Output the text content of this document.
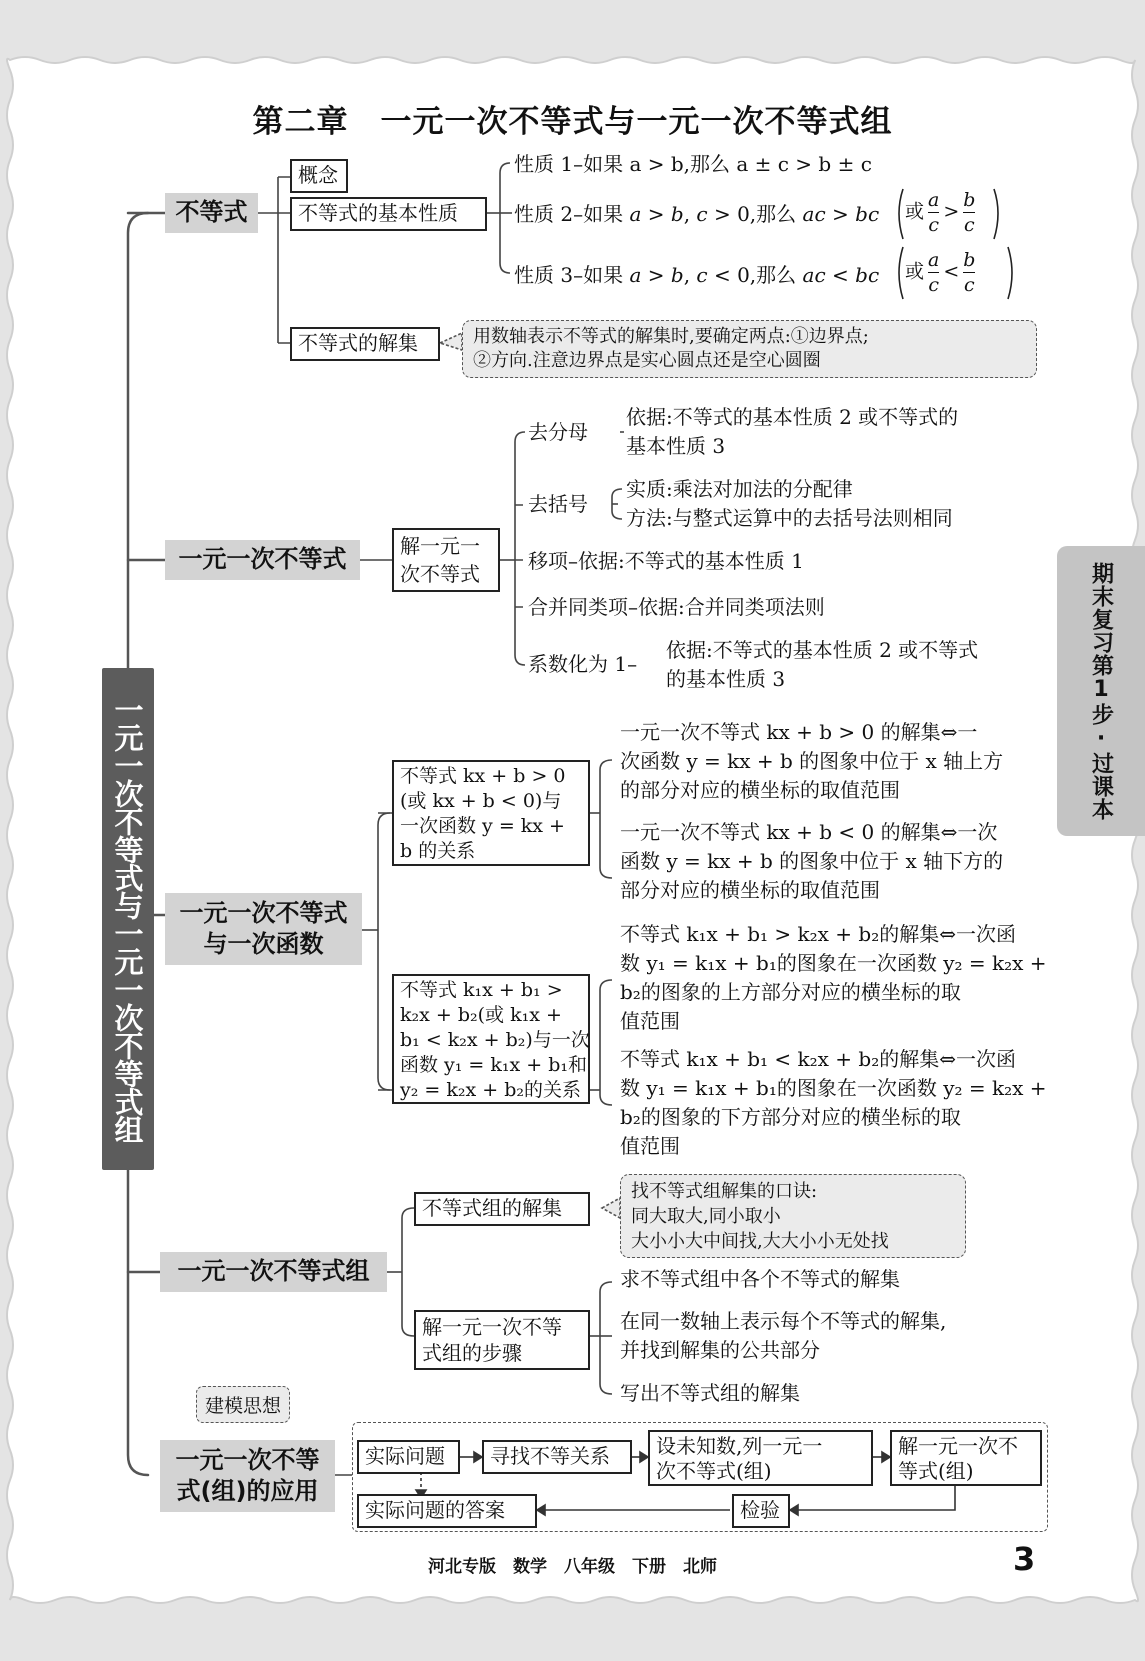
第二章　一元一次不等式与一元一次不等式组
一元一次不等式与一元一次不等式组
期末复习第1步·过课本
不等式
概念
不等式的基本性质
性质 1–如果 a > b,那么 a ± c > b ± c
性质 2–如果 a > b, c > 0,那么 ac > bc 或 $\frac{a}{c} > \frac{b}{c}$
性质 3–如果 a > b, c < 0,那么 ac < bc 或 $\frac{a}{c} < \frac{b}{c}$
不等式的解集	用数轴表示不等式的解集时,要确定两点:①边界点;
②方向.注意边界点是实心圆点还是空心圆圈
一元一次不等式	解一元一
次不等式
去分母
依据:不等式的基本性质 2 或不等式的
基本性质 3
去括号
实质:乘法对加法的分配律
方法:与整式运算中的去括号法则相同
移项–依据:不等式的基本性质 1
合并同类项–依据:合并同类项法则
系数化为 1–
依据:不等式的基本性质 2 或不等式
的基本性质 3
一元一次不等式
与一次函数
不等式 kx + b > 0
(或 kx + b < 0)与
一次函数 y = kx +
b 的关系
一元一次不等式 kx + b > 0 的解集⇔一
次函数 y = kx + b 的图象中位于 x 轴上方
的部分对应的横坐标的取值范围
一元一次不等式 kx + b < 0 的解集⇔一次
函数 y = kx + b 的图象中位于 x 轴下方的
部分对应的横坐标的取值范围
不等式 k₁x + b₁ >
k₂x + b₂(或 k₁x +
b₁ < k₂x + b₂)与一次
函数 y₁ = k₁x + b₁和
y₂ = k₂x + b₂的关系
不等式 k₁x + b₁ > k₂x + b₂的解集⇔一次函
数 y₁ = k₁x + b₁的图象在一次函数 y₂ = k₂x +
b₂的图象的上方部分对应的横坐标的取
值范围
不等式 k₁x + b₁ < k₂x + b₂的解集⇔一次函
数 y₁ = k₁x + b₁的图象在一次函数 y₂ = k₂x +
b₂的图象的下方部分对应的横坐标的取
值范围
一元一次不等式组
不等式组的解集
找不等式组解集的口诀:
同大取大,同小取小
大小小大中间找,大大小小无处找
解一元一次不等
式组的步骤
求不等式组中各个不等式的解集
在同一数轴上表示每个不等式的解集,
并找到解集的公共部分
写出不等式组的解集
建模思想
一元一次不等
式(组)的应用
实际问题	寻找不等关系	设未知数,列一元一
次不等式(组)
解一元一次不
等式(组)
检验
实际问题的答案
河北专版　数学　八年级　下册　北师	3
